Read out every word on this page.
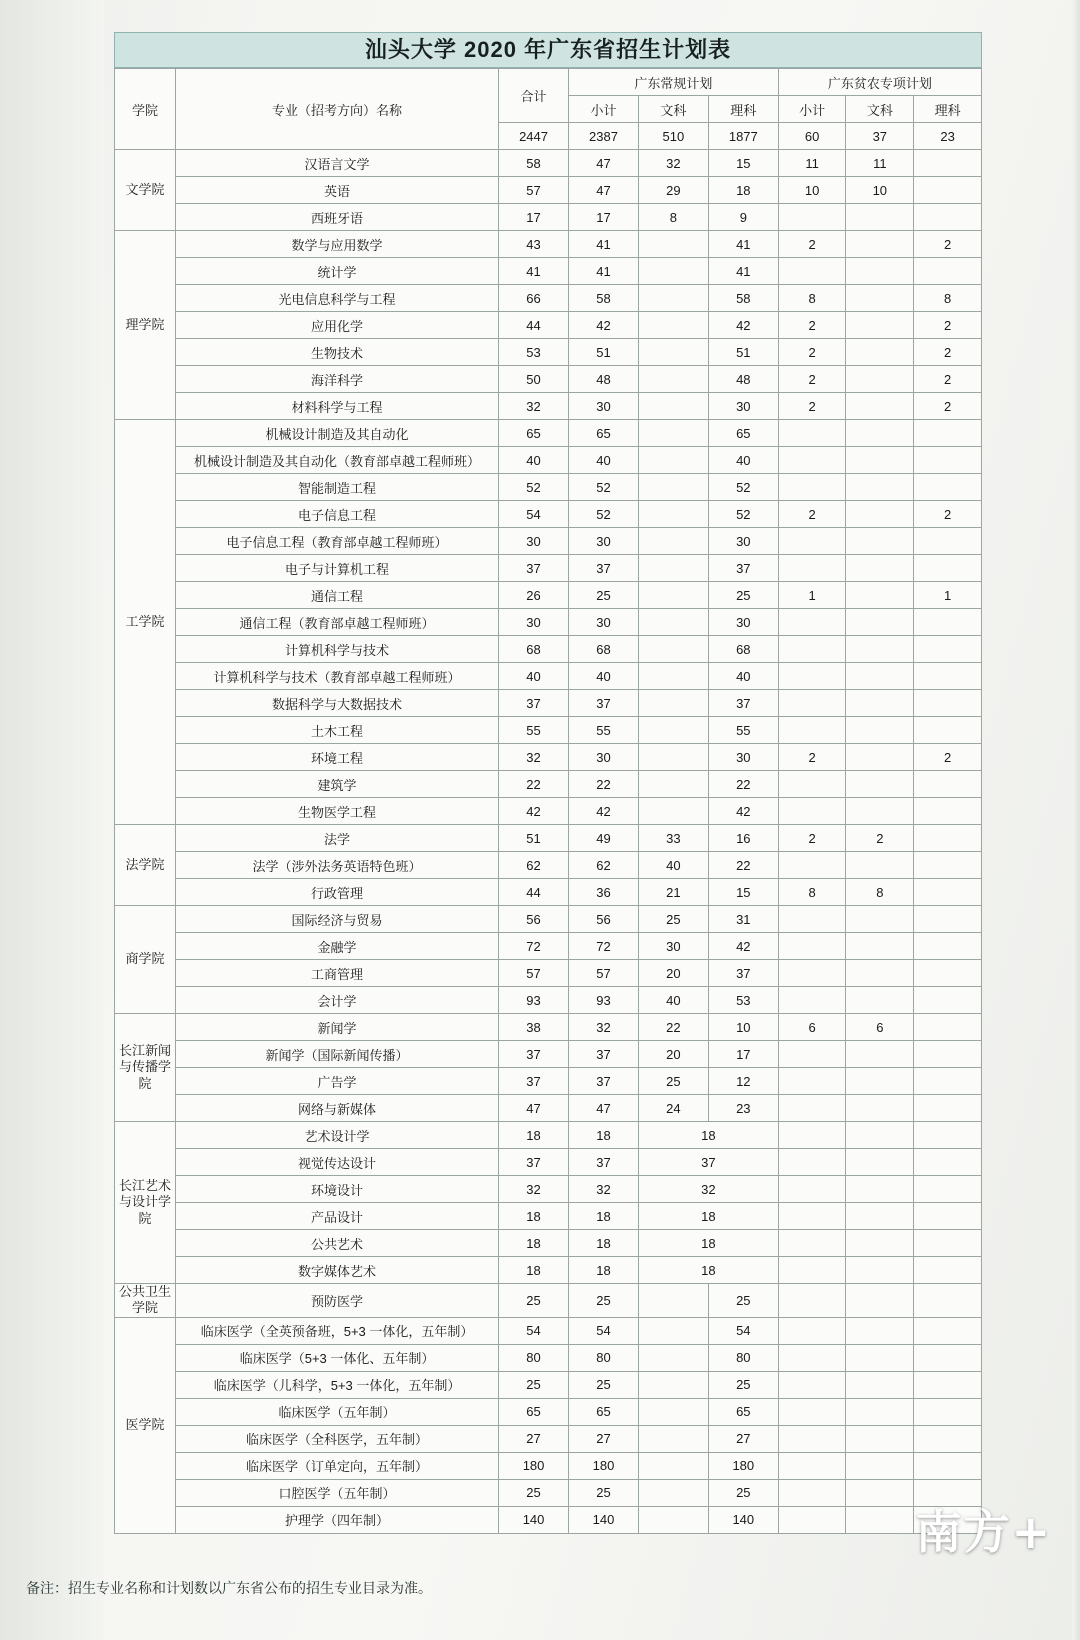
汕头大学 2020 年广东省招生计划表
学院	专业（招考方向）名称	合计	广东常规计划			广东贫农专项计划		
			小计	文科	理科	小计	文科	理科
		2447	2387	510	1877	60	37	23
文学院	汉语言文学	58	47	32	15	11	11	
	英语	57	47	29	18	10	10	
	西班牙语	17	17	8	9			
理学院	数学与应用数学	43	41		41	2		2
	统计学	41	41		41			
	光电信息科学与工程	66	58		58	8		8
	应用化学	44	42		42	2		2
	生物技术	53	51		51	2		2
	海洋科学	50	48		48	2		2
	材料科学与工程	32	30		30	2		2
工学院	机械设计制造及其自动化	65	65		65			
	机械设计制造及其自动化（教育部卓越工程师班）	40	40		40			
	智能制造工程	52	52		52			
	电子信息工程	54	52		52	2		2
	电子信息工程（教育部卓越工程师班）	30	30		30			
	电子与计算机工程	37	37		37			
	通信工程	26	25		25	1		1
	通信工程（教育部卓越工程师班）	30	30		30			
	计算机科学与技术	68	68		68			
	计算机科学与技术（教育部卓越工程师班）	40	40		40			
	数据科学与大数据技术	37	37		37			
	土木工程	55	55		55			
	环境工程	32	30		30	2		2
	建筑学	22	22		22			
	生物医学工程	42	42		42			
法学院	法学	51	49	33	16	2	2	
	法学（涉外法务英语特色班）	62	62	40	22			
	行政管理	44	36	21	15	8	8	
商学院	国际经济与贸易	56	56	25	31			
	金融学	72	72	30	42			
	工商管理	57	57	20	37			
	会计学	93	93	40	53			
长江新闻与传播学院	新闻学	38	32	22	10	6	6	
	新闻学（国际新闻传播）	37	37	20	17			
	广告学	37	37	25	12			
	网络与新媒体	47	47	24	23			
长江艺术与设计学院	艺术设计学	18	18	18				
	视觉传达设计	37	37	37				
	环境设计	32	32	32				
	产品设计	18	18	18				
	公共艺术	18	18	18				
	数字媒体艺术	18	18	18				
公共卫生学院	预防医学	25	25		25			
医学院	临床医学（全英预备班，5+3 一体化，五年制）	54	54		54			
	临床医学（5+3 一体化、五年制）	80	80		80			
	临床医学（儿科学，5+3 一体化，五年制）	25	25		25			
	临床医学（五年制）	65	65		65			
	临床医学（全科医学，五年制）	27	27		27			
	临床医学（订单定向，五年制）	180	180		180			
	口腔医学（五年制）	25	25		25			
	护理学（四年制）	140	140		140			
备注：招生专业名称和计划数以广东省公布的招生专业目录为准。
南方+
